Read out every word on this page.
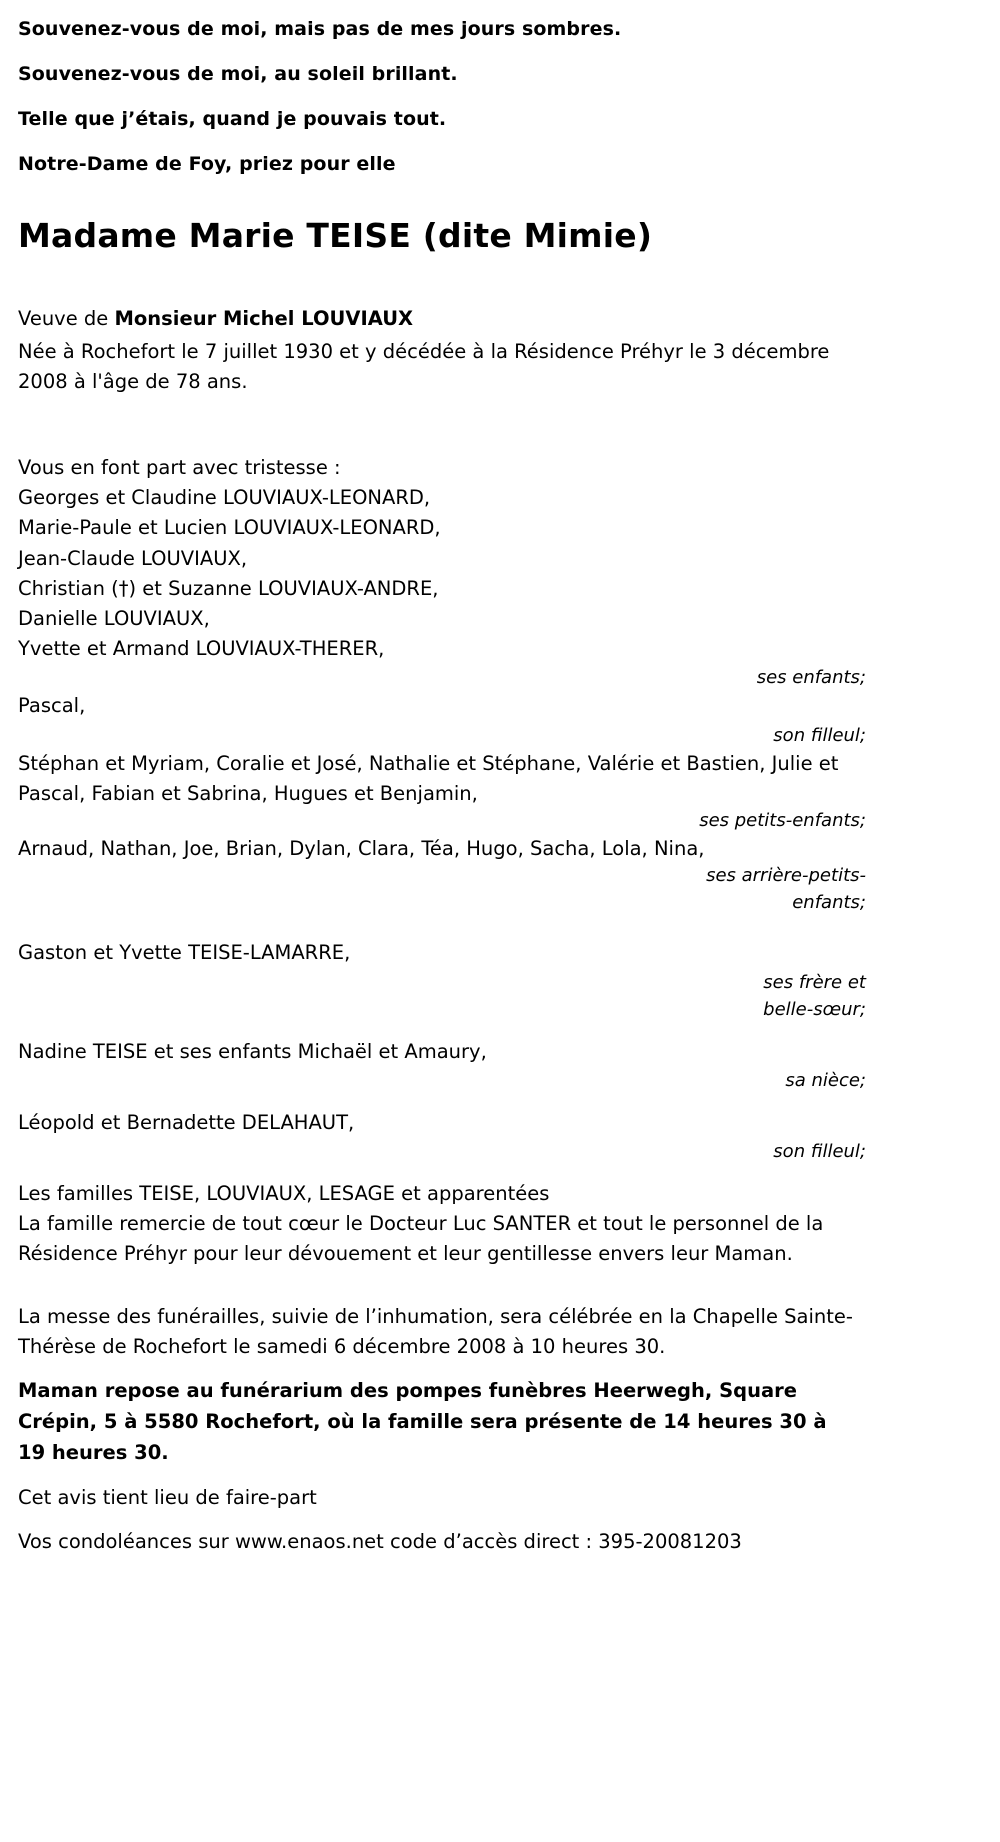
Souvenez-vous de moi, mais pas de mes jours sombres.
Souvenez-vous de moi, au soleil brillant.
Telle que j’étais, quand je pouvais tout.
Notre-Dame de Foy, priez pour elle
Madame Marie TEISE (dite Mimie)

Veuve de Monsieur Michel LOUVIAUX

Née à Rochefort le 7 juillet 1930 et y décédée à la Résidence Préhyr le 3 décembre 2008 à l'âge de 78 ans.

Vous en font part avec tristesse :

Georges et Claudine LOUVIAUX-LEONARD,
Marie-Paule et Lucien LOUVIAUX-LEONARD,
Jean-Claude LOUVIAUX,
Christian (†) et Suzanne LOUVIAUX-ANDRE,
Danielle LOUVIAUX,
Yvette et Armand LOUVIAUX-THERER,
ses enfants;

Pascal,

son filleul;

Stéphan et Myriam, Coralie et José, Nathalie et Stéphane, Valérie et Bastien, Julie et Pascal, Fabian et Sabrina, Hugues et Benjamin,

ses petits-enfants;

Arnaud, Nathan, Joe, Brian, Dylan, Clara, Téa, Hugo, Sacha, Lola, Nina,

ses arrière-petits-
enfants;

Gaston et Yvette TEISE-LAMARRE,

ses frère et
belle-sœur;

Nadine TEISE et ses enfants Michaël et Amaury,

sa nièce;

Léopold et Bernadette DELAHAUT,

son filleul;

Les familles TEISE, LOUVIAUX, LESAGE et apparentées

La famille remercie de tout cœur le Docteur Luc SANTER et tout le personnel de la Résidence Préhyr pour leur dévouement et leur gentillesse envers leur Maman.

La messe des funérailles, suivie de l’inhumation, sera célébrée en la Chapelle Sainte-Thérèse de Rochefort le samedi 6 décembre 2008 à 10 heures 30.

Maman repose au funérarium des pompes funèbres Heerwegh, Square Crépin, 5 à 5580 Rochefort, où la famille sera présente de 14 heures 30 à 19 heures 30.

Cet avis tient lieu de faire-part

Vos condoléances sur www.enaos.net code d’accès direct : 395-20081203
